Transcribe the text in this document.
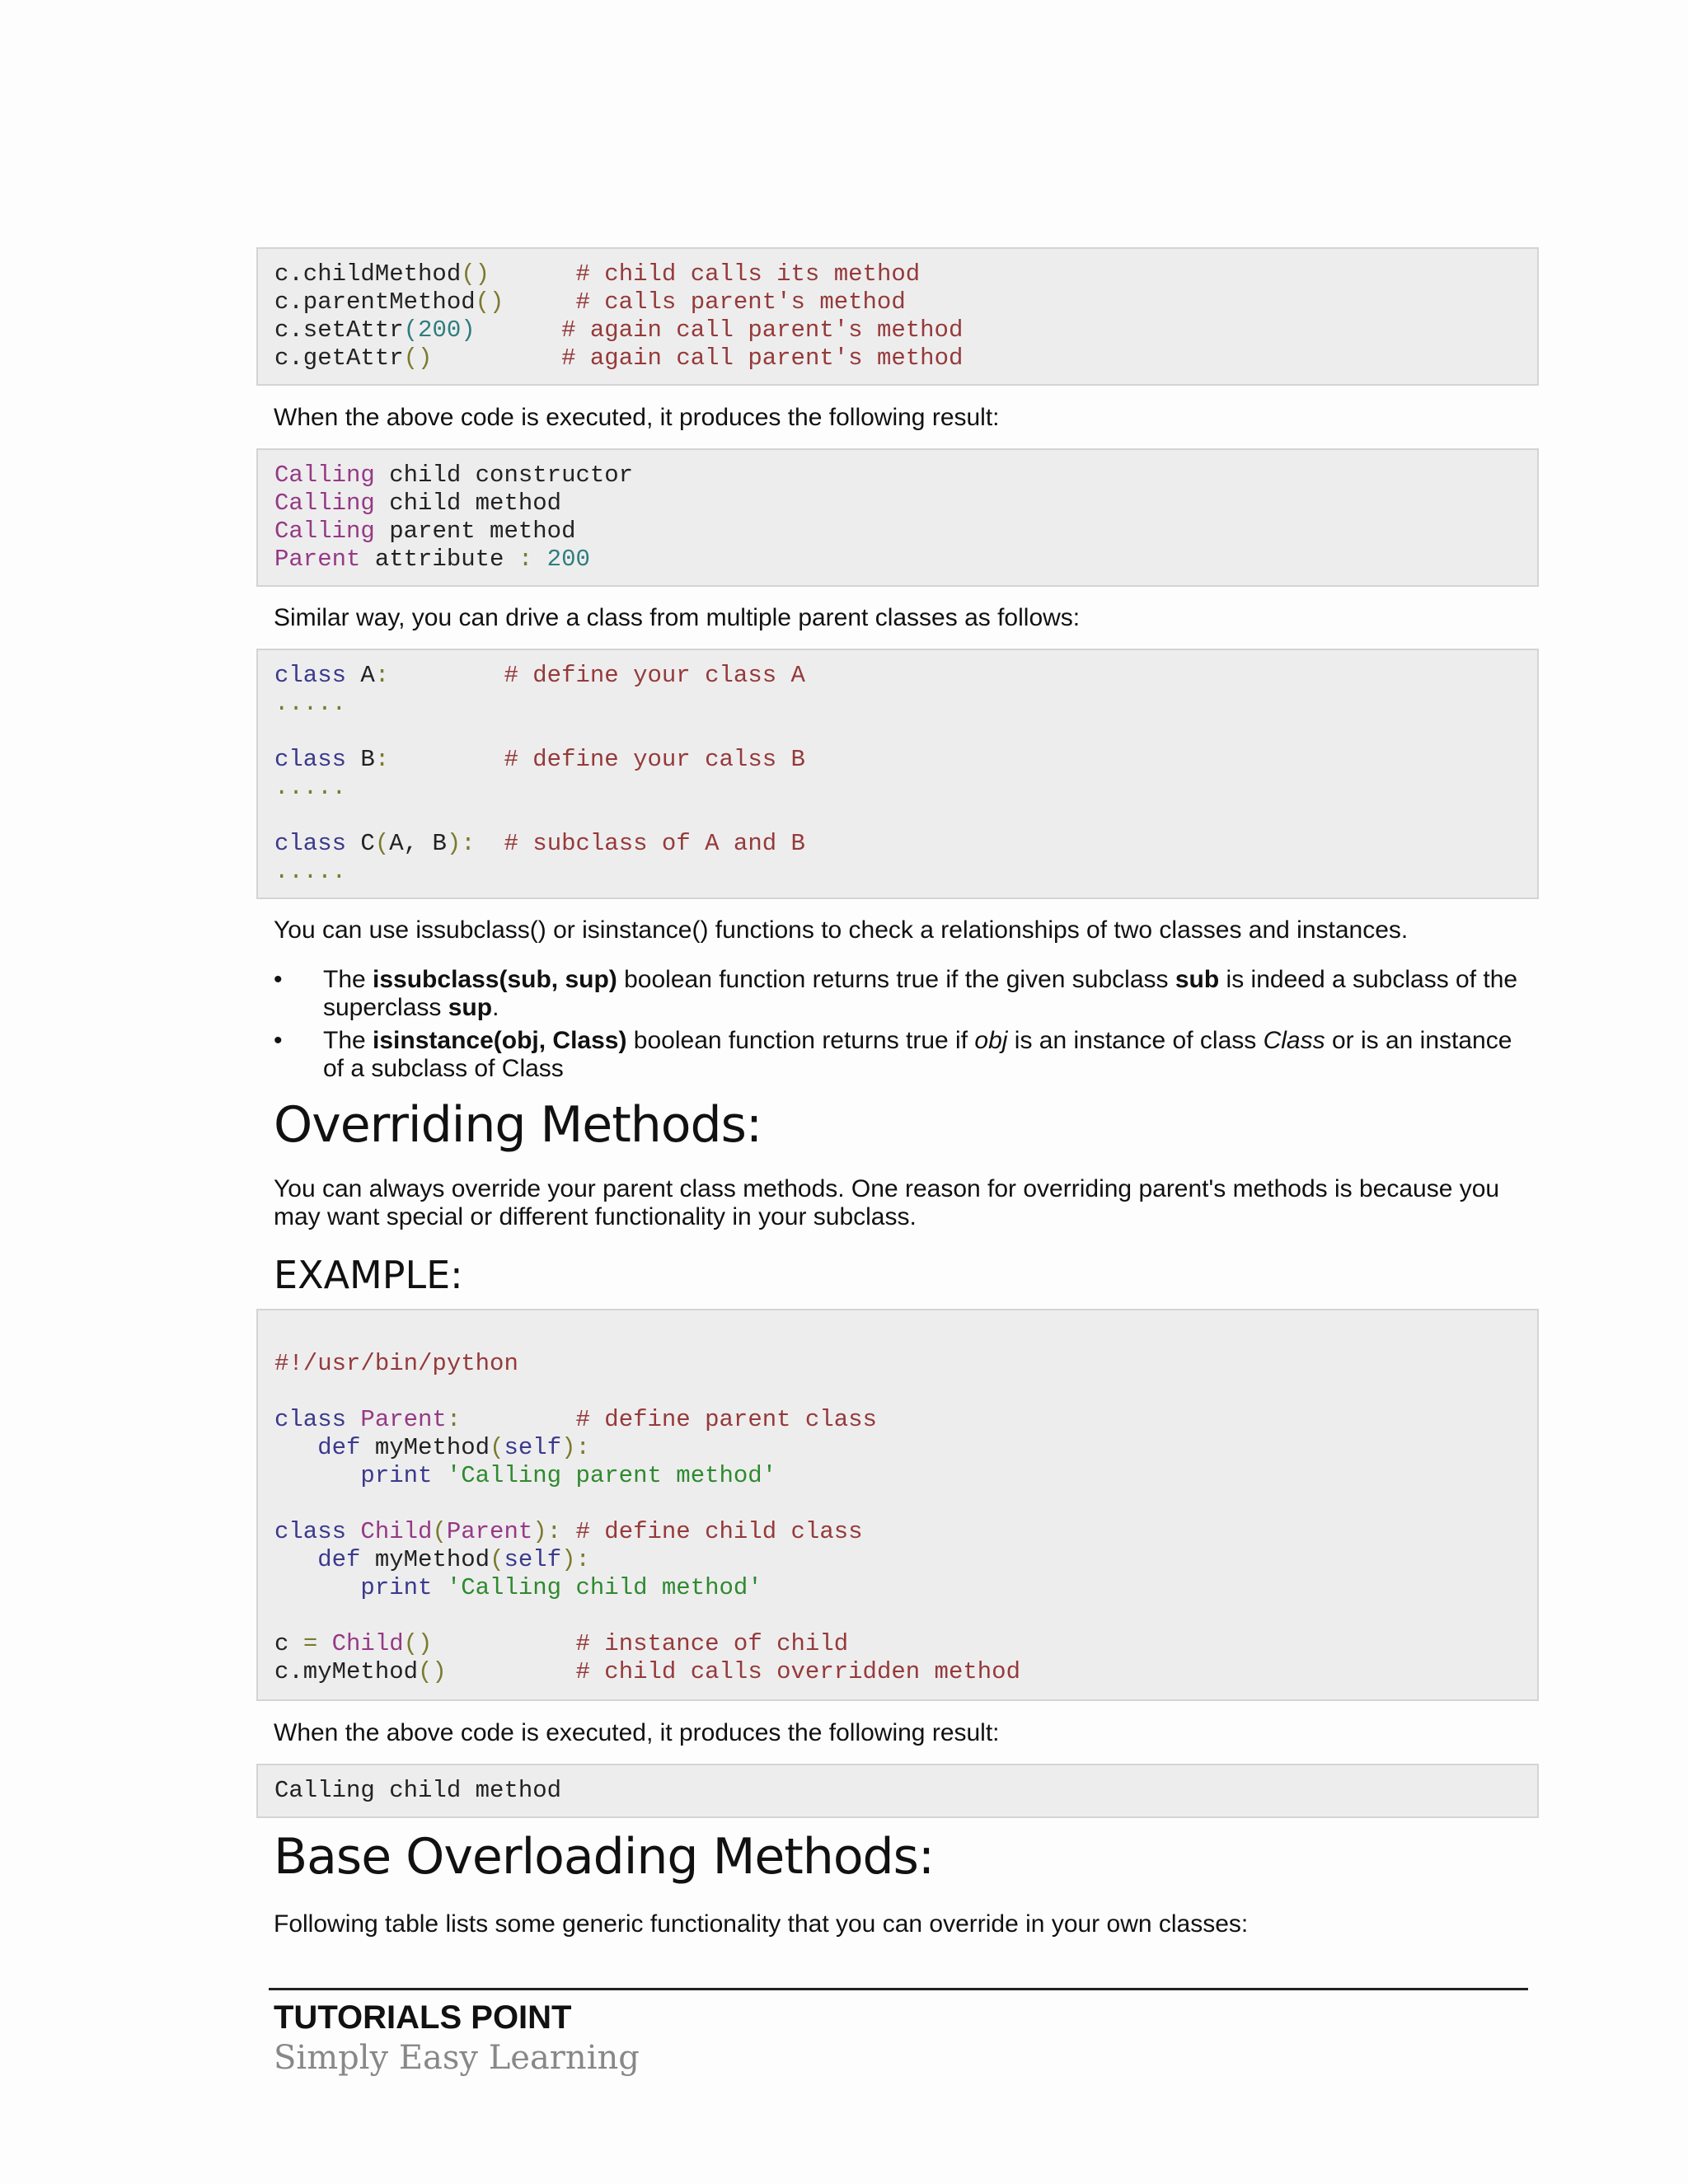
c.childMethod()	# child calls its method
c.parentMethod()	# calls parent's method
c.setAttr(200)	# again call parent's method
c.getAttr()	# again call parent's method
When the above code is executed, it produces the following result:
Calling child constructor
Calling child method
Calling parent method
Parent attribute : 200
Similar way, you can drive a class from multiple parent classes as follows:
class A:	# define your class A
.....
class B:	# define your calss B
.....
class C(A, B): # subclass of A and B
.....
You can use issubclass() or isinstance() functions to check a relationships of two classes and instances.
• The issubclass(sub, sup) boolean function returns true if the given subclass sub is indeed a subclass of the superclass sup.
• The isinstance(obj, Class) boolean function returns true if obj is an instance of class Class or is an instance of a subclass of Class
Overriding Methods:
You can always override your parent class methods. One reason for overriding parent's methods is because you may want special or different functionality in your subclass.
EXAMPLE:
#!/usr/bin/python
class Parent:	# define parent class
def myMethod(self):
print 'Calling parent method'
class Child(Parent): # define child class
def myMethod(self):
print 'Calling child method'
c = Child()	# instance of child
c.myMethod()	# child calls overridden method
When the above code is executed, it produces the following result:
Calling child method
Base Overloading Methods:
Following table lists some generic functionality that you can override in your own classes:
TUTORIALS POINT
Simply Easy Learning
